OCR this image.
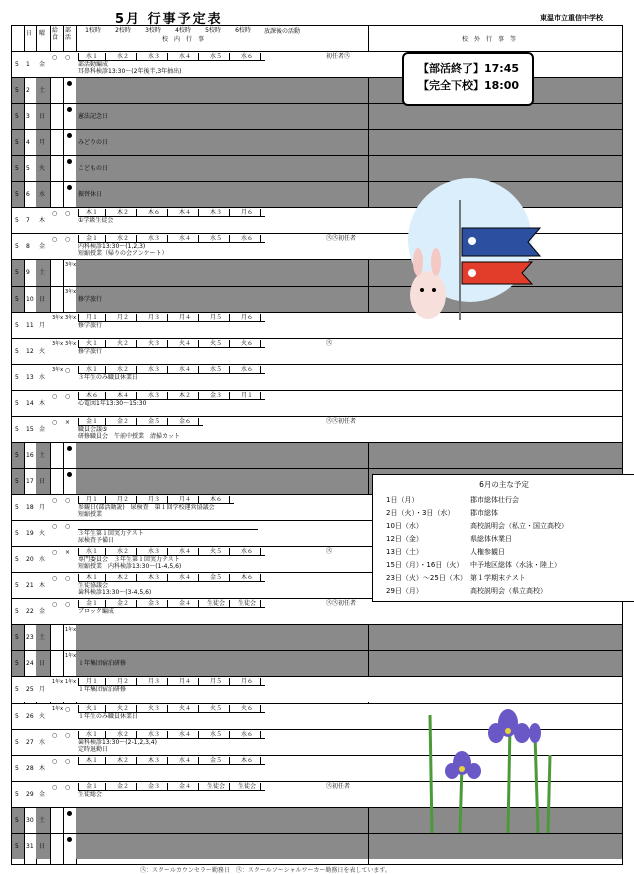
5月 行事予定表	東温市立重信中学校
日 曜 給食
部活
1校時 2校時 3校時 4校時 5校時 6校時
校　内　行　事
放課後の活動
校　外　行　事　等
5 1 金
○ ○	水１	水２	水３	水４	水５	水６
部活動編成
耳鼻科検診13:30～(2年後半,3年抽出)
初任者㋜
5 2 土
5 3 日	憲法記念日
5 4 月	みどりの日
5 5 火	こどもの日
5 6 水	振替休日
5 7 木
○ ○	木１	木２	木６	木４	木３	月６
①学級生徒会
5 8 金
○ ○	金１	水２	水３	水４	水５	水６
内科検診13:30～(1,2,3)
短縮授業（帰りの会アンケート）
㋜㋜初任者
5 9 土
3年x
5 10 日
3年x
修学旅行
5 11 月
3年x 3年x	月１	月２	月３	月４	月５	月６
修学旅行
5 12 火
3年x 3年x	火１	火２	火３	火４	火５	火６
修学旅行
㋜
5 13 水
3年x ○	水１	水２	水３	水４	水５	水６
３年生のみ職員休業日
5 14 木
○ ○	木６	木４	水３	木２	金３	月１
心電図1年13:30～15:30
5 15 金
○ ×	金１	金２	金５	金６
職員会議⑤
研修職員会　午前中授業　清掃カット
㋜㋜初任者
5 16 土
5 17 日
5 18 月
○ ○	月１	月２	月３	月４	木６
参観日(部活動説)　尿検査　第１回学校運営協議会
短縮授業
5 19 火
○ ○
３年生第１回実力テスト
尿検査予備日
5 20 水
○ ×	水１	水２	水３	水４	火５	水６
専門委員会　３年生第１回実力テスト
短縮授業　内科検診13:30～(1-4,5,6)
㋜
5 21 木
○ ○	木１	木２	木３	水４	金５	木６
生徒協議会
歯科検診13:30～(3-4,5,6)
5 22 金
○ ○	金１	金２	金３	金４	生徒会 生徒会
ブロック編成
㋜㋜初任者
5 23 土
1年x
5 24 日
1年x
１年集団宿泊研修
5 25 月
1年x 1年x	月１	月２	月３	月４	月５	月６
１年集団宿泊研修
5 26 火
1年x ○	火１	火２	火３	火４	火５	火６
１年生のみ職員休業日
5 27 水
○ ○	水１	水２	水３	水４	水５	水６
歯科検診13:30～(2-1,2,3,4)
定時退勤日
5 28 木
○ ○	木１	木２	木３	水４	金５	木６
5 29 金
○ ○	金１	金２	金３	金４	生徒会 生徒会
生徒総会
㋜初任者
5 30 土
5 31 日
【部活終了】17:45
【完全下校】18:00
6月の主な予定
1日（月）	郡市総体壮行会
2日（火）・3日（水） 郡市総体
10日（水）	高校説明会（私立・国立高校）
12日（金）	県総体休業日
13日（土）	人権参観日
15日（月）・16日（火） 中予地区総体（水泳・陸上）
23日（火）～25日（木） 第１学期末テスト
29日（月）	高校説明会（県立高校）
㋜：スクールカウンセラー勤務日　㋜：スクールソーシャルワーカー勤務日を表しています。
